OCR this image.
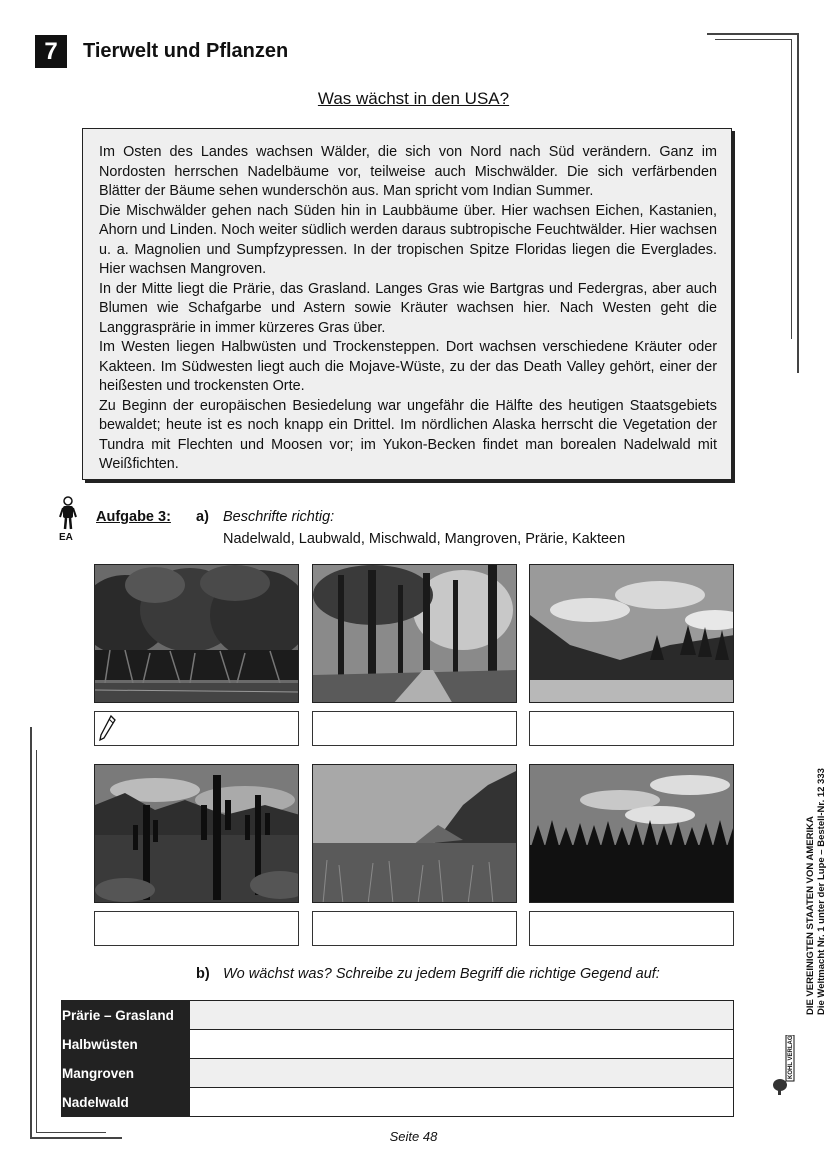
7	Tierwelt und Pflanzen
Was wächst in den USA?

Im Osten des Landes wachsen Wälder, die sich von Nord nach Süd verändern. Ganz im Nordosten herrschen Nadelbäume vor, teilweise auch Mischwälder. Die sich verfärbenden Blätter der Bäume sehen wunderschön aus. Man spricht vom Indian Summer.

Die Mischwälder gehen nach Süden hin in Laubbäume über. Hier wachsen Eichen, Kastanien, Ahorn und Linden. Noch weiter südlich werden daraus subtropische Feuchtwälder. Hier wachsen u. a. Magnolien und Sumpfzypressen. In der tropischen Spitze Floridas liegen die Everglades. Hier wachsen Mangroven.

In der Mitte liegt die Prärie, das Grasland. Langes Gras wie Bartgras und Federgras, aber auch Blumen wie Schafgarbe und Astern sowie Kräuter wachsen hier. Nach Westen geht die Langgrasprärie in immer kürzeres Gras über.

Im Westen liegen Halbwüsten und Trockensteppen. Dort wachsen verschiedene Kräuter oder Kakteen. Im Südwesten liegt auch die Mojave-Wüste, zu der das Death Valley gehört, einer der heißesten und trockensten Orte.

Zu Beginn der europäischen Besiedelung war ungefähr die Hälfte des heutigen Staatsgebiets bewaldet; heute ist es noch knapp ein Drittel. Im nördlichen Alaska herrscht die Vegetation der Tundra mit Flechten und Moosen vor; im Yukon-Becken findet man borealen Nadelwald mit Weißfichten.

EA
Aufgabe 3: a) Beschrifte richtig:
Nadelwald, Laubwald, Mischwald, Mangroven, Prärie, Kakteen
b) Wo wächst was? Schreibe zu jedem Begriff die richtige Gegend auf:
Prärie – Grasland	
Halbwüsten	
Mangroven	
Nadelwald	
DIE VEREINIGTEN STAATEN VON AMERIKA Die Weltmacht Nr. 1 unter der Lupe – Bestell-Nr. 12 333
KOHL VERLAG
Seite 48
